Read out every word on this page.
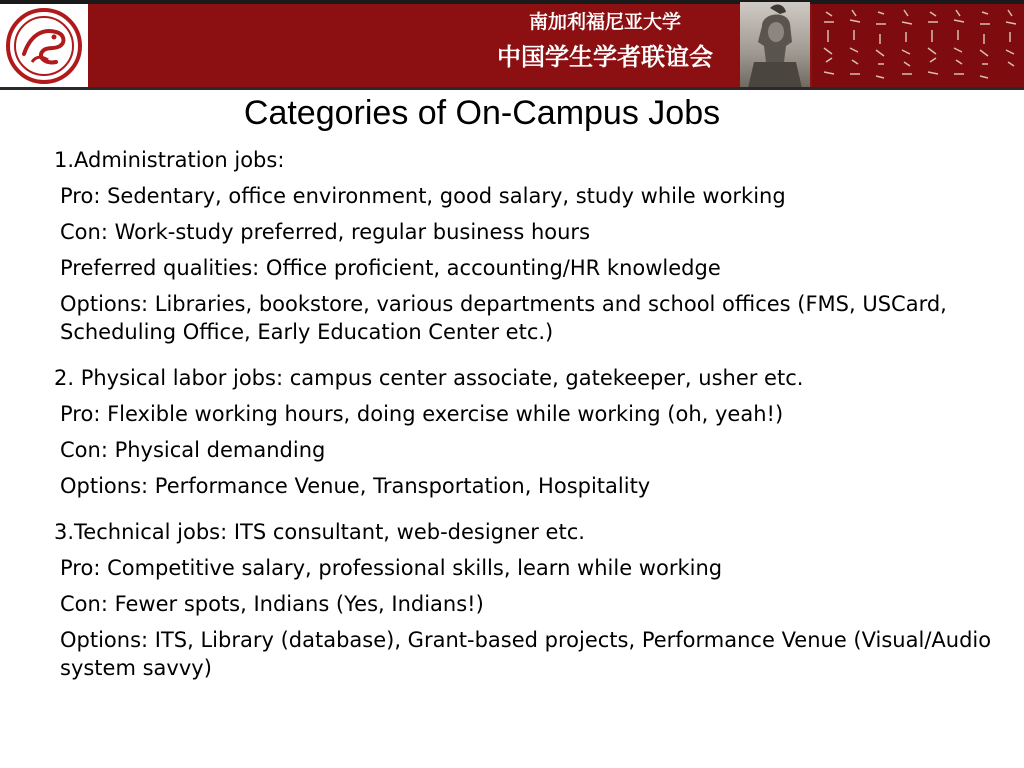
南加利福尼亚大学
中国学生学者联谊会
Categories of On-Campus Jobs
1.Administration jobs:
Pro: Sedentary, office environment, good salary, study while working
Con: Work-study preferred, regular business hours
Preferred qualities: Office proficient, accounting/HR knowledge
Options: Libraries, bookstore, various departments and school offices (FMS, USCard, Scheduling Office, Early Education Center etc.)
2. Physical labor jobs: campus center associate, gatekeeper, usher etc.
Pro: Flexible working hours, doing exercise while working (oh, yeah!)
Con: Physical demanding
Options: Performance Venue, Transportation, Hospitality
3.Technical jobs: ITS consultant, web-designer etc.
Pro: Competitive salary, professional skills, learn while working
Con: Fewer spots, Indians (Yes, Indians!)
Options: ITS, Library (database), Grant-based projects, Performance Venue (Visual/Audio system savvy)
